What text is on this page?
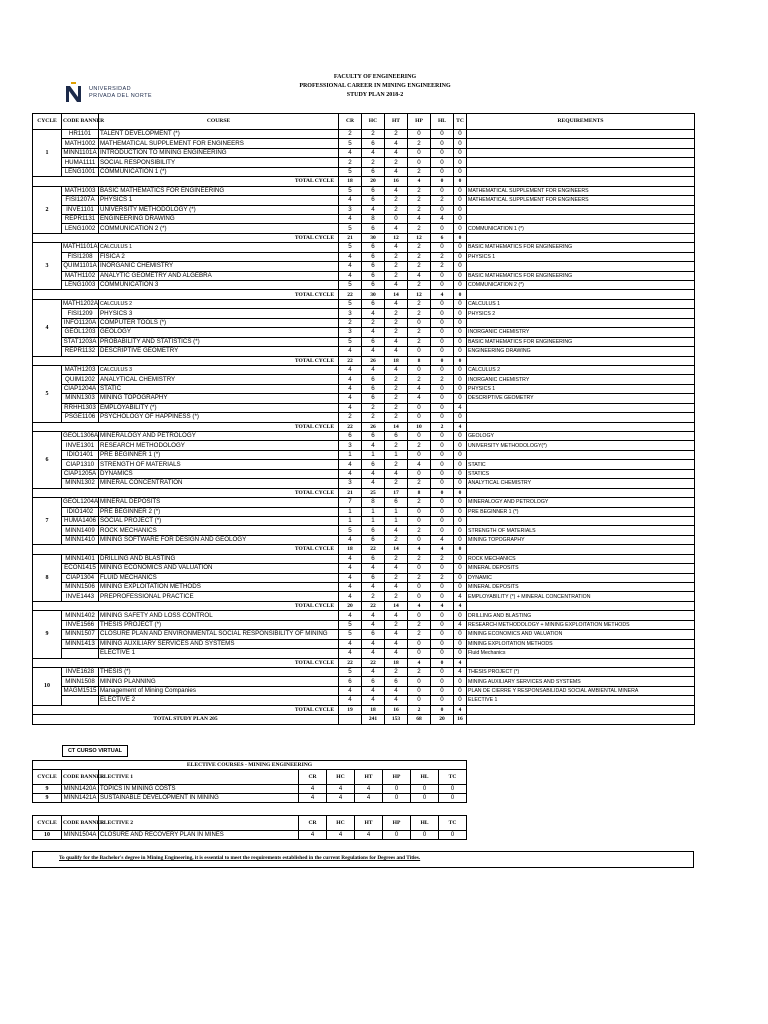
UNIVERSIDAD
PRIVADA DEL NORTE
FACULTY OF ENGINEERING
PROFESSIONAL CAREER IN MINING ENGINEERING
STUDY PLAN 2018-2
CYCLE	CODE BANNER	COURSE	CR	HC	HT	HP	HL	TC	REQUIREMENTS
1	HR1101	TALENT DEVELOPMENT (*)	2	2	2	0	0	0	
	MATH1002	MATHEMATICAL SUPPLEMENT FOR ENGINEERS	5	6	4	2	0	0	
	MINN1101A	INTRODUCTION TO MINING ENGINEERING	4	4	4	0	0	0	
	HUMA1111	SOCIAL RESPONSIBILITY	2	2	2	0	0	0	
	LENG1001	COMMUNICATION 1 (*)	5	6	4	2	0	0	
TOTAL CYCLE			18	20	16	4	0	0	
2	MATH1003	BASIC MATHEMATICS FOR ENGINEERING	5	6	4	2	0	0	MATHEMATICAL SUPPLEMENT FOR ENGINEERS
	FISI1207A	PHYSICS 1	4	6	2	2	2	0	MATHEMATICAL SUPPLEMENT FOR ENGINEERS
	INVE1101	UNIVERSITY METHODOLOGY (*)	3	4	2	2	0	0	
	REPR1131	ENGINEERING DRAWING	4	8	0	4	4	0	
	LENG1002	COMMUNICATION 2 (*)	5	6	4	2	0	0	COMMUNICATION 1 (*)
TOTAL CYCLE			21	30	12	12	6	0	
3	MATH1101A	CALCULUS 1	5	6	4	2	0	0	BASIC MATHEMATICS FOR ENGINEERING
	FISI1208	FÍSICA 2	4	6	2	2	2	0	PHYSICS 1
	QUIM1101A	INORGANIC CHEMISTRY	4	6	2	2	2	0	
	MATH1102	ANALYTIC GEOMETRY AND ALGEBRA	4	6	2	4	0	0	BASIC MATHEMATICS FOR ENGINEERING
	LENG1003	COMMUNICATION 3	5	6	4	2	0	0	COMMUNICATION 2 (*)
TOTAL CYCLE			22	30	14	12	4	0	
4	MATH1202A	CALCULUS 2	5	6	4	2	0	0	CALCULUS 1
	FISI1209	PHYSICS 3	3	4	2	2	0	0	PHYSICS 2
	INFO1120A	COMPUTER TOOLS (*)	2	2	2	0	0	0	
	GEOL1203	GEOLOGY	3	4	2	2	0	0	INORGANIC CHEMISTRY
	STAT1203A	PROBABILITY AND STATISTICS (*)	5	6	4	2	0	0	BASIC MATHEMATICS FOR ENGINEERING
	REPR1132	DESCRIPTIVE GEOMETRY	4	4	4	0	0	0	ENGINEERING DRAWING
TOTAL CYCLE			22	26	18	8	0	0	
5	MATH1203	CALCULUS 3	4	4	4	0	0	0	CALCULUS 2
	QUIM1202	ANALYTICAL CHEMISTRY	4	6	2	2	2	0	INORGANIC CHEMISTRY
	CIAP1204A	STATIC	4	6	2	4	0	0	PHYSICS 1
	MINN1303	MINING TOPOGRAPHY	4	6	2	4	0	0	DESCRIPTIVE GEOMETRY
	RRHH1303	EMPLOYABILITY (*)	4	2	2	0	0	4	
	PSGE1106	PSYCHOLOGY OF HAPPINESS (*)	2	2	2	0	0	0	
TOTAL CYCLE			22	26	14	10	2	4	
6	GEOL1306A	MINERALOGY AND PETROLOGY	6	6	6	0	0	0	GEOLOGY
	INVE1301	RESEARCH METHODOLOGY	3	4	2	2	0	0	UNIVERSITY METHODOLOGY(*)
	IDIO1401	PRE BEGINNER 1 (*)	1	1	1	0	0	0	
	CIAP1310	STRENGTH OF MATERIALS	4	6	2	4	0	0	STATIC
	CIAP1205A	DYNAMICS	4	4	4	0	0	0	STATICS
	MINN1302	MINERAL CONCENTRATION	3	4	2	2	0	0	ANALYTICAL CHEMISTRY
TOTAL CYCLE			21	25	17	8	0	0	
7	GEOL1204A	MINERAL DEPOSITS	7	8	6	2	0	0	MINERALOGY AND PETROLOGY
	IDIO1402	PRE BEGINNER 2 (*)	1	1	1	0	0	0	PRE BEGINNER 1 (*)
	HUMA1406	SOCIAL PROJECT (*)	1	1	1	0	0	0	
	MINN1409	ROCK MECHANICS	5	6	4	2	0	0	STRENGTH OF MATERIALS
	MINN1410	MINING SOFTWARE FOR DESIGN AND GEOLOGY	4	6	2	0	4	0	MINING TOPOGRAPHY
TOTAL CYCLE			18	22	14	4	4	0	
8	MINN1401	DRILLING AND BLASTING	4	6	2	2	2	0	ROCK MECHANICS
	ECON1415	MINING ECONOMICS AND VALUATION	4	4	4	0	0	0	MINERAL DEPOSITS
	CIAP1304	FLUID MECHANICS	4	6	2	2	2	0	DYNAMIC
	MINN1506	MINING EXPLOITATION METHODS	4	4	4	0	0	0	MINERAL DEPOSITS
	INVE1443	PREPROFESSIONAL PRACTICE	4	2	2	0	0	4	EMPLOYABILITY (*) + MINERAL CONCENTRATION
TOTAL CYCLE			20	22	14	4	4	4	
9	MINN1402	MINING SAFETY AND LOSS CONTROL	4	4	4	0	0	0	DRILLING AND BLASTING
	INVE1566	THESIS PROJECT (*)	5	4	2	2	0	4	RESEARCH METHODOLOGY + MINING EXPLOITATION METHODS
	MINN1507	CLOSURE PLAN AND ENVIRONMENTAL SOCIAL RESPONSIBILITY OF MINING	5	6	4	2	0	0	MINING ECONOMICS AND VALUATION
	MINN1413	MINING AUXILIARY SERVICES AND SYSTEMS	4	4	4	0	0	0	MINING EXPLOITATION METHODS
		ELECTIVE 1	4	4	4	0	0	0	Fluid Mechanics
TOTAL CYCLE			22	22	18	4	0	4	
10	INVE1628	THESIS (*)	5	4	2	2	0	4	THESIS PROJECT (*)
	MINN1508	MINING PLANNING	6	6	6	0	0	0	MINING AUXILIARY SERVICES AND SYSTEMS
	MAGM1515	Management of Mining Companies	4	4	4	0	0	0	PLAN DE CIERRE Y RESPONSABILIDAD SOCIAL AMBIENTAL MINERA
		ELECTIVE 2	4	4	4	0	0	0	ELECTIVE 1
TOTAL CYCLE			19	18	16	2	0	4	
TOTAL STUDY PLAN 205				241	153	68	20	16	
CT CURSO VIRTUAL
ELECTIVE COURSES - MINING ENGINEERING								
CYCLE	CODE BANNER	ELECTIVE 1	CR	HC	HT	HP	HL	TC
9	MINN1420A	TOPICS IN MINING COSTS	4	4	4	0	0	0
9	MINN1421A	SUSTAINABLE DEVELOPMENT IN MINING	4	4	4	0	0	0
CYCLE	CODE BANNER	ELECTIVE 2	CR	HC	HT	HP	HL	TC
10	MINN1504A	CLOSURE AND RECOVERY PLAN IN MINES	4	4	4	0	0	0
To qualify for the Bachelor's degree in Mining Engineering, it is essential to meet the requirements established in the current Regulations for Degrees and Titles.
